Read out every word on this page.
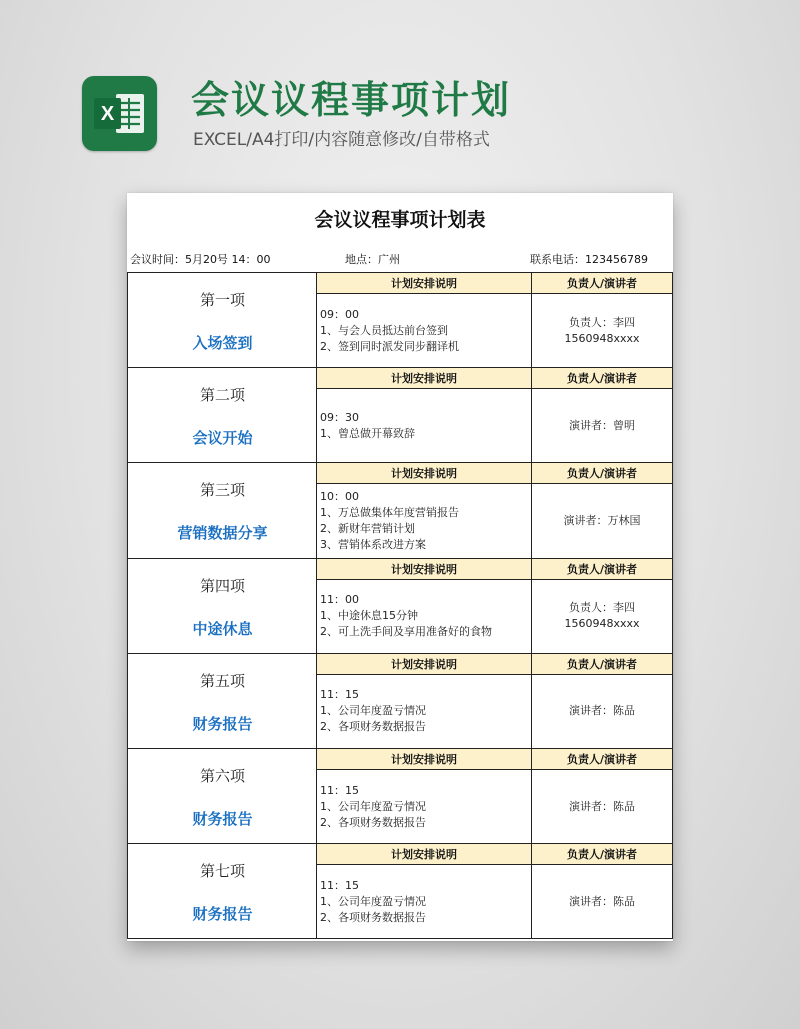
X 会议议程事项计划
EXCEL/A4打印/内容随意修改/自带格式
会议议程事项计划表
会议时间：5月20号 14：00	地点：广州	联系电话：123456789
第一项
入场签到
计划安排说明	负责人/演讲者
09：00
1、与会人员抵达前台签到
2、签到同时派发同步翻译机
负责人：李四
1560948xxxx
第二项
会议开始
计划安排说明	负责人/演讲者
09：30
1、曾总做开幕致辞
演讲者：曾明
第三项
营销数据分享
计划安排说明	负责人/演讲者
10：00
1、万总做集体年度营销报告
2、新财年营销计划
3、营销体系改进方案
演讲者：万林国
第四项
中途休息
计划安排说明	负责人/演讲者
11：00
1、中途休息15分钟
2、可上洗手间及享用准备好的食物
负责人：李四
1560948xxxx
第五项
财务报告
计划安排说明	负责人/演讲者
11：15
1、公司年度盈亏情况
2、各项财务数据报告
演讲者：陈品
第六项
财务报告
计划安排说明	负责人/演讲者
11：15
1、公司年度盈亏情况
2、各项财务数据报告
演讲者：陈品
第七项
财务报告
计划安排说明	负责人/演讲者
11：15
1、公司年度盈亏情况
2、各项财务数据报告
演讲者：陈品
